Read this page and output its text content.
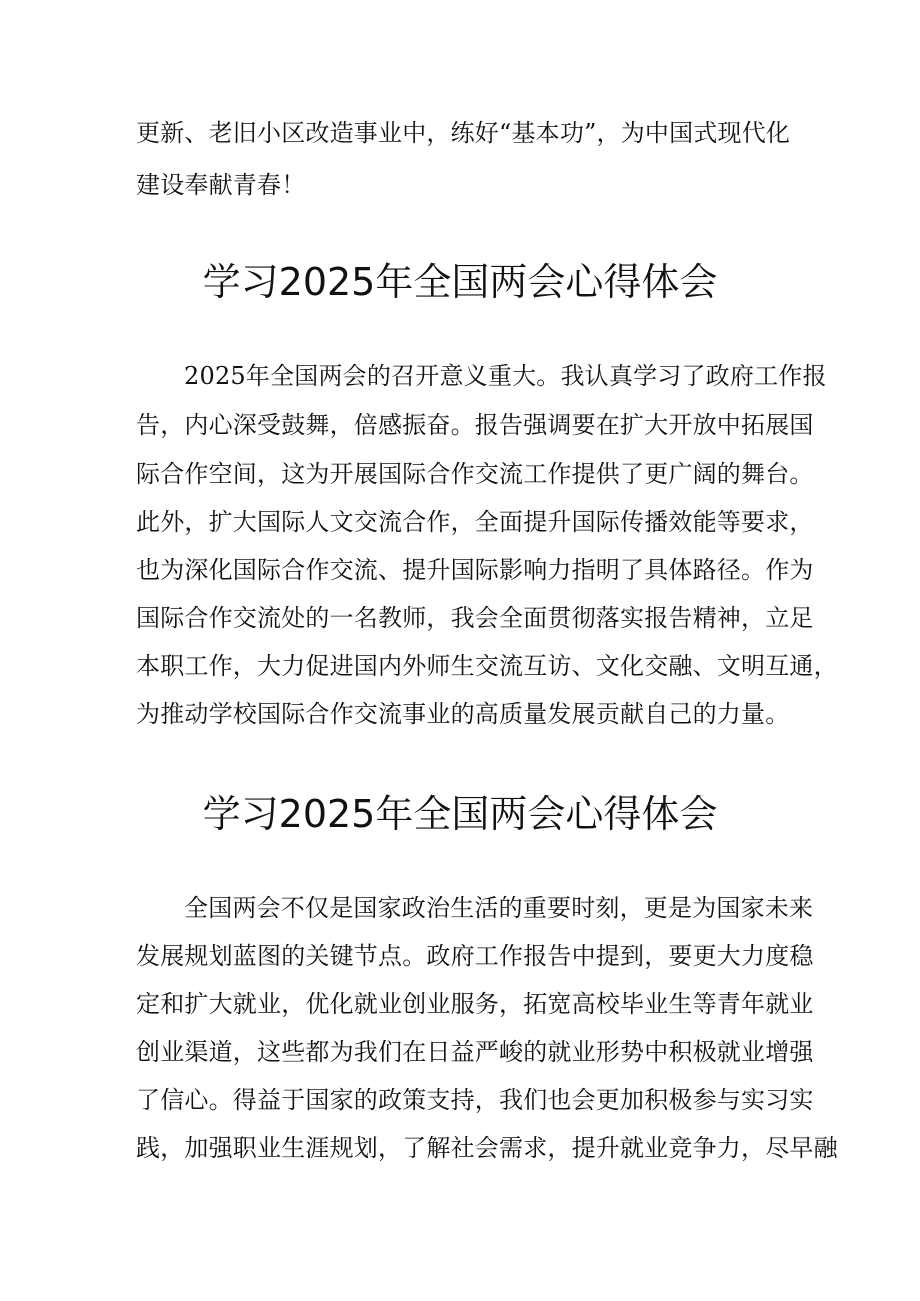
更新、老旧小区改造事业中，练好“基本功”，为中国式现代化
建设奉献青春！
学习2025年全国两会心得体会
2025年全国两会的召开意义重大。我认真学习了政府工作报
告，内心深受鼓舞，倍感振奋。报告强调要在扩大开放中拓展国
际合作空间，这为开展国际合作交流工作提供了更广阔的舞台。
此外，扩大国际人文交流合作，全面提升国际传播效能等要求，
也为深化国际合作交流、提升国际影响力指明了具体路径。作为
国际合作交流处的一名教师，我会全面贯彻落实报告精神，立足
本职工作，大力促进国内外师生交流互访、文化交融、文明互通，
为推动学校国际合作交流事业的高质量发展贡献自己的力量。
学习2025年全国两会心得体会
全国两会不仅是国家政治生活的重要时刻，更是为国家未来
发展规划蓝图的关键节点。政府工作报告中提到，要更大力度稳
定和扩大就业，优化就业创业服务，拓宽高校毕业生等青年就业
创业渠道，这些都为我们在日益严峻的就业形势中积极就业增强
了信心。得益于国家的政策支持，我们也会更加积极参与实习实
践，加强职业生涯规划，了解社会需求，提升就业竞争力，尽早融
